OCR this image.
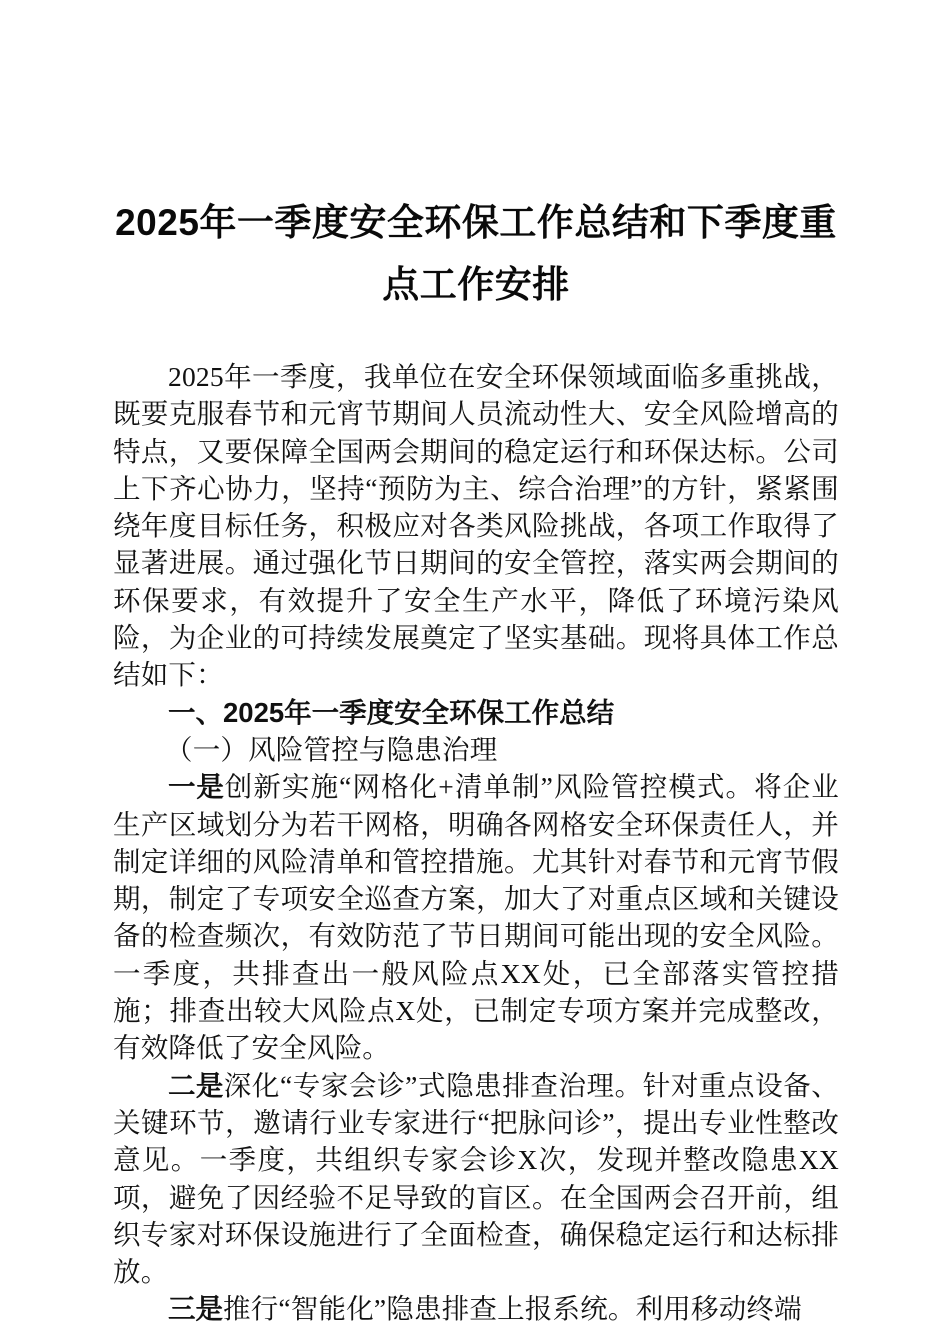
2025年一季度安全环保工作总结和下季度重
点工作安排

2025年一季度，我单位在安全环保领域面临多重挑战，既要克服春节和元宵节期间人员流动性大、安全风险增高的特点，又要保障全国两会期间的稳定运行和环保达标。公司上下齐心协力，坚持“预防为主、综合治理”的方针，紧紧围绕年度目标任务，积极应对各类风险挑战，各项工作取得了显著进展。通过强化节日期间的安全管控，落实两会期间的环保要求，有效提升了安全生产水平，降低了环境污染风险，为企业的可持续发展奠定了坚实基础。现将具体工作总结如下：

一、2025年一季度安全环保工作总结

（一）风险管控与隐患治理

一是创新实施“网格化+清单制”风险管控模式。将企业生产区域划分为若干网格，明确各网格安全环保责任人，并制定详细的风险清单和管控措施。尤其针对春节和元宵节假期，制定了专项安全巡查方案，加大了对重点区域和关键设备的检查频次，有效防范了节日期间可能出现的安全风险。一季度，共排查出一般风险点XX处，已全部落实管控措施；排查出较大风险点X处，已制定专项方案并完成整改，有效降低了安全风险。

二是深化“专家会诊”式隐患排查治理。针对重点设备、关键环节，邀请行业专家进行“把脉问诊”，提出专业性整改意见。一季度，共组织专家会诊X次，发现并整改隐患XX项，避免了因经验不足导致的盲区。在全国两会召开前，组织专家对环保设施进行了全面检查，确保稳定运行和达标排放。

三是推行“智能化”隐患排查上报系统。利用移动终端
